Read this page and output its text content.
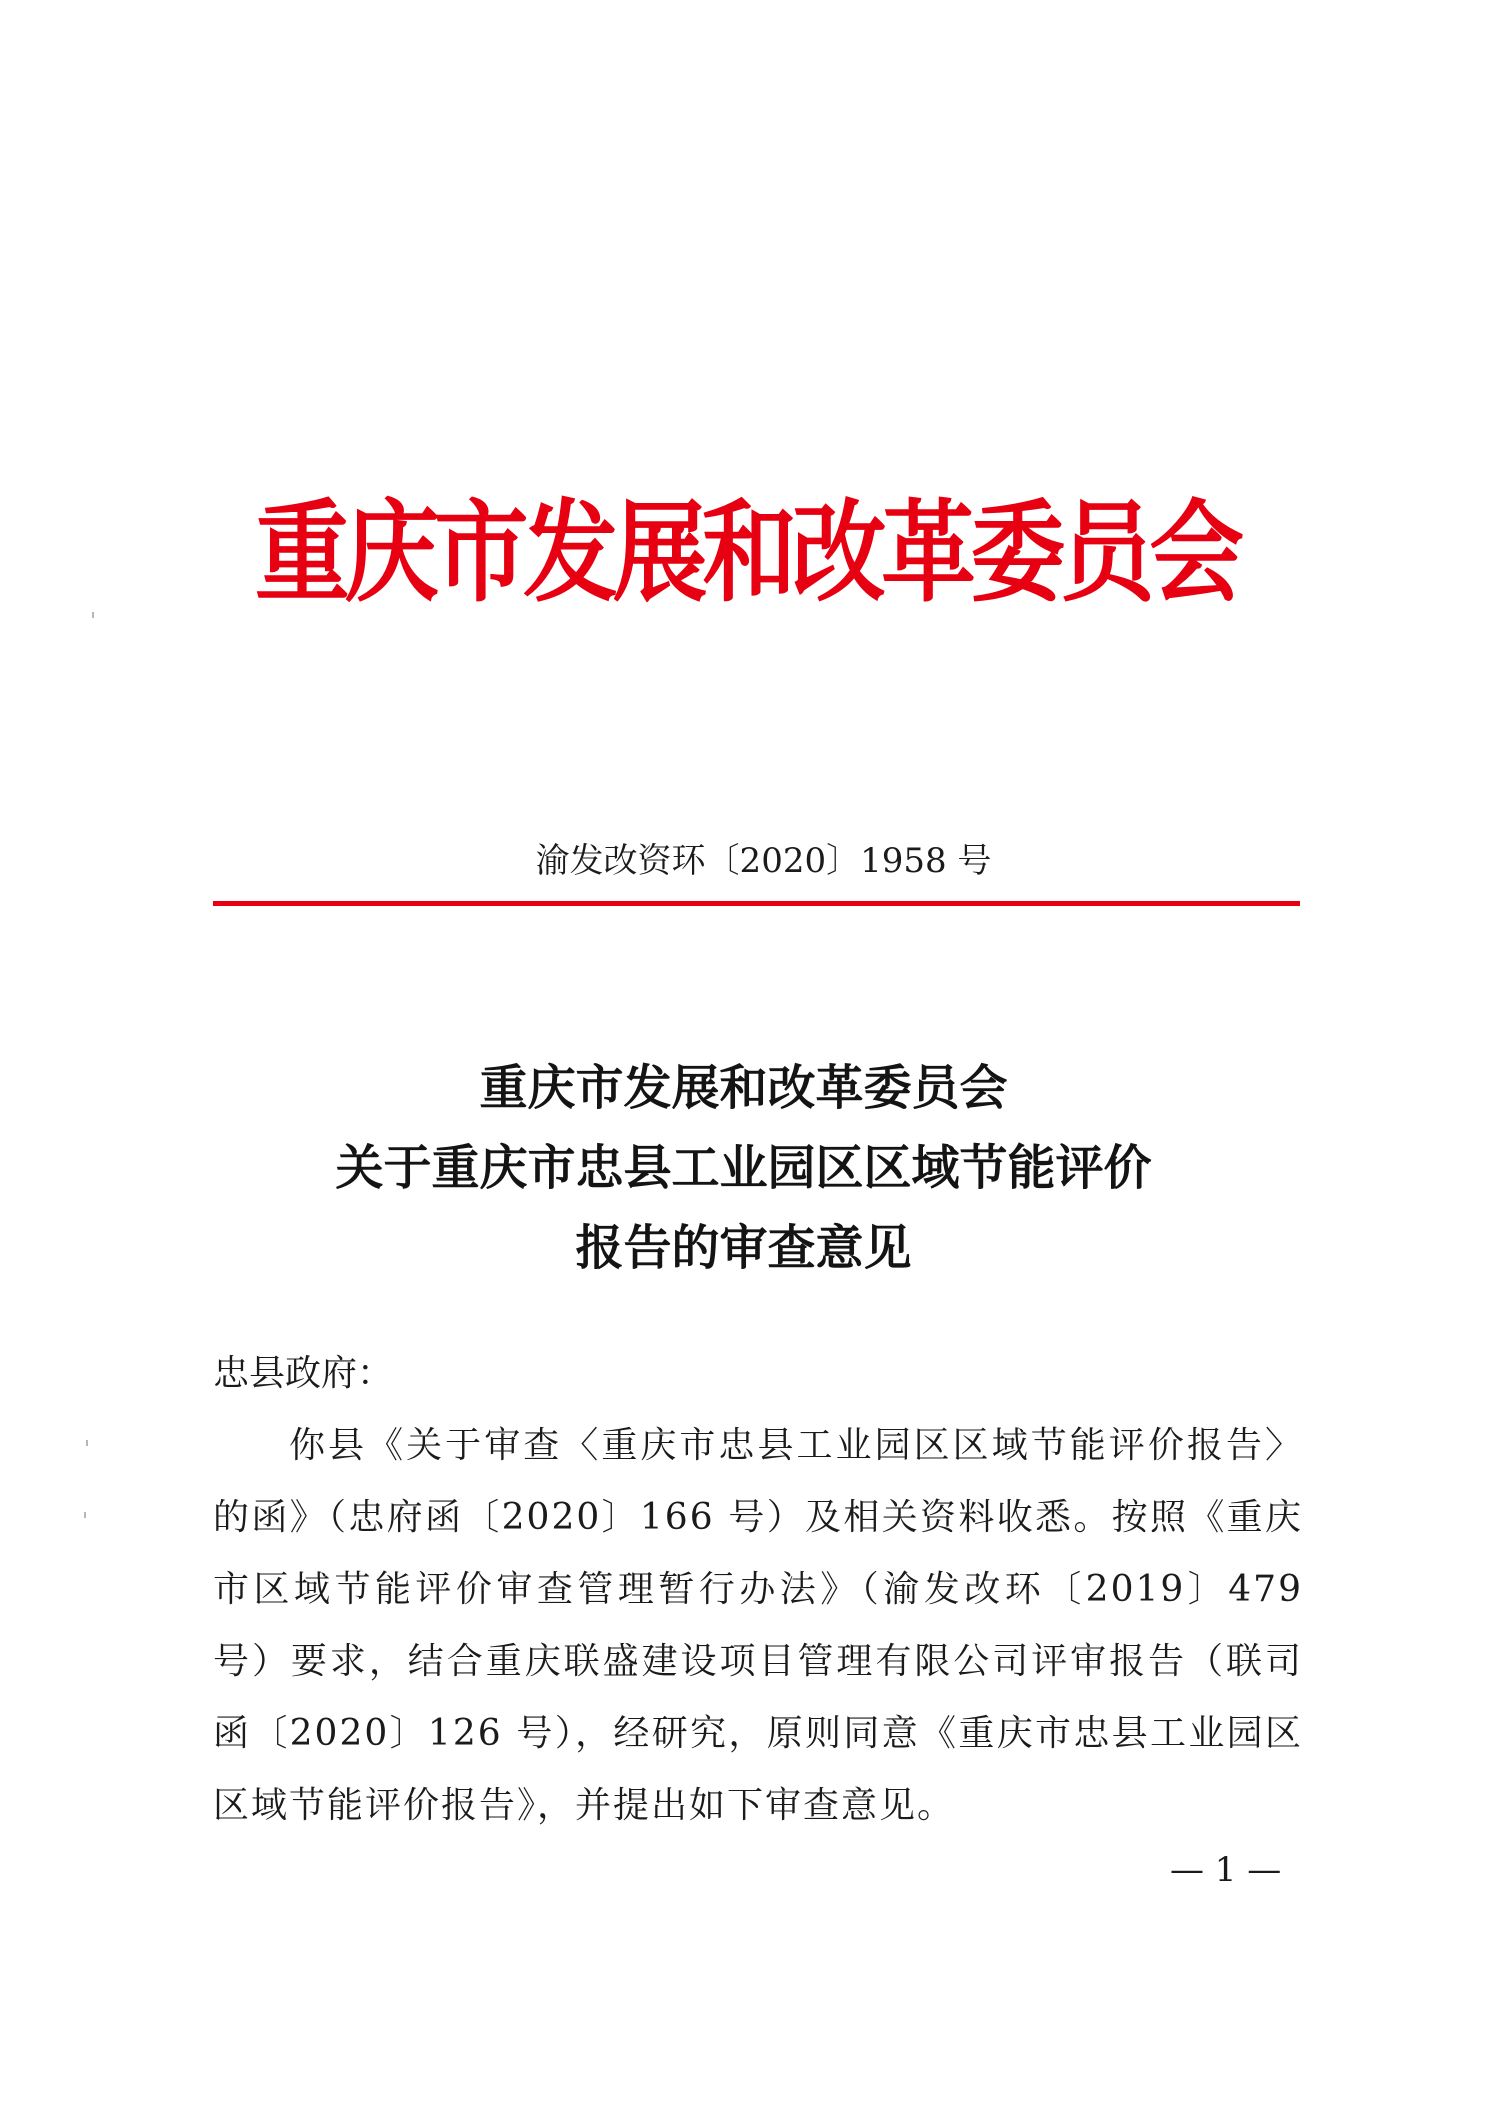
重庆市发展和改革委员会

渝发改资环〔2020〕1958 号

重庆市发展和改革委员会
关于重庆市忠县工业园区区域节能评价
报告的审查意见

忠县政府：

你县《关于审查〈重庆市忠县工业园区区域节能评价报告〉的函》（忠府函〔2020〕166 号）及相关资料收悉。按照《重庆市区域节能评价审查管理暂行办法》（渝发改环〔2019〕479 号）要求，结合重庆联盛建设项目管理有限公司评审报告（联司函〔2020〕126 号），经研究，原则同意《重庆市忠县工业园区区域节能评价报告》，并提出如下审查意见。

— 1 —
